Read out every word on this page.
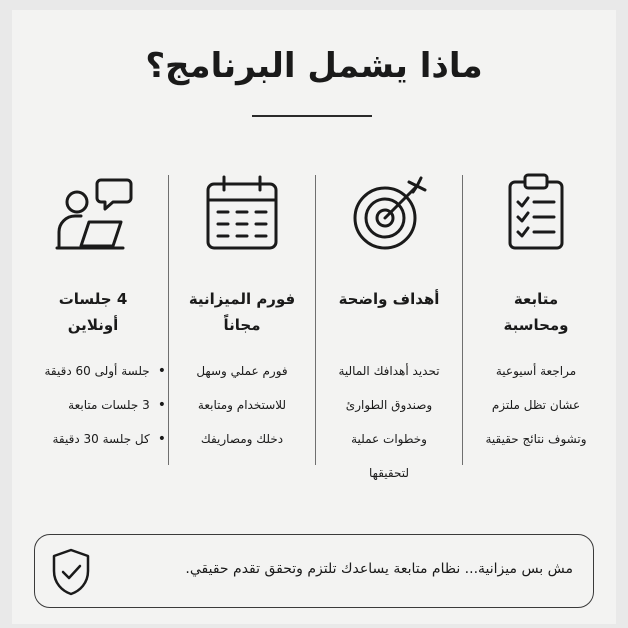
ماذا يشمل البرنامج؟
متابعة
ومحاسبة
مراجعة أسيوعية
عشان تظل ملتزم
وتشوف نتائج حقيقية
أهداف واضحة
تحديد أهدافك المالية
وصندوق الطوارئ
وخطوات عملية
لتحقيقها
فورم الميزانية
مجاناً
فورم عملي وسهل
للاستخدام ومتابعة
دخلك ومصاريفك
4 جلسات
أونلاين
• جلسة أولى 60 دقيقة
• 3 جلسات متابعة
• كل جلسة 30 دقيقة
مش بس ميزانية... نظام متابعة يساعدك تلتزم وتحقق تقدم حقيقي.
